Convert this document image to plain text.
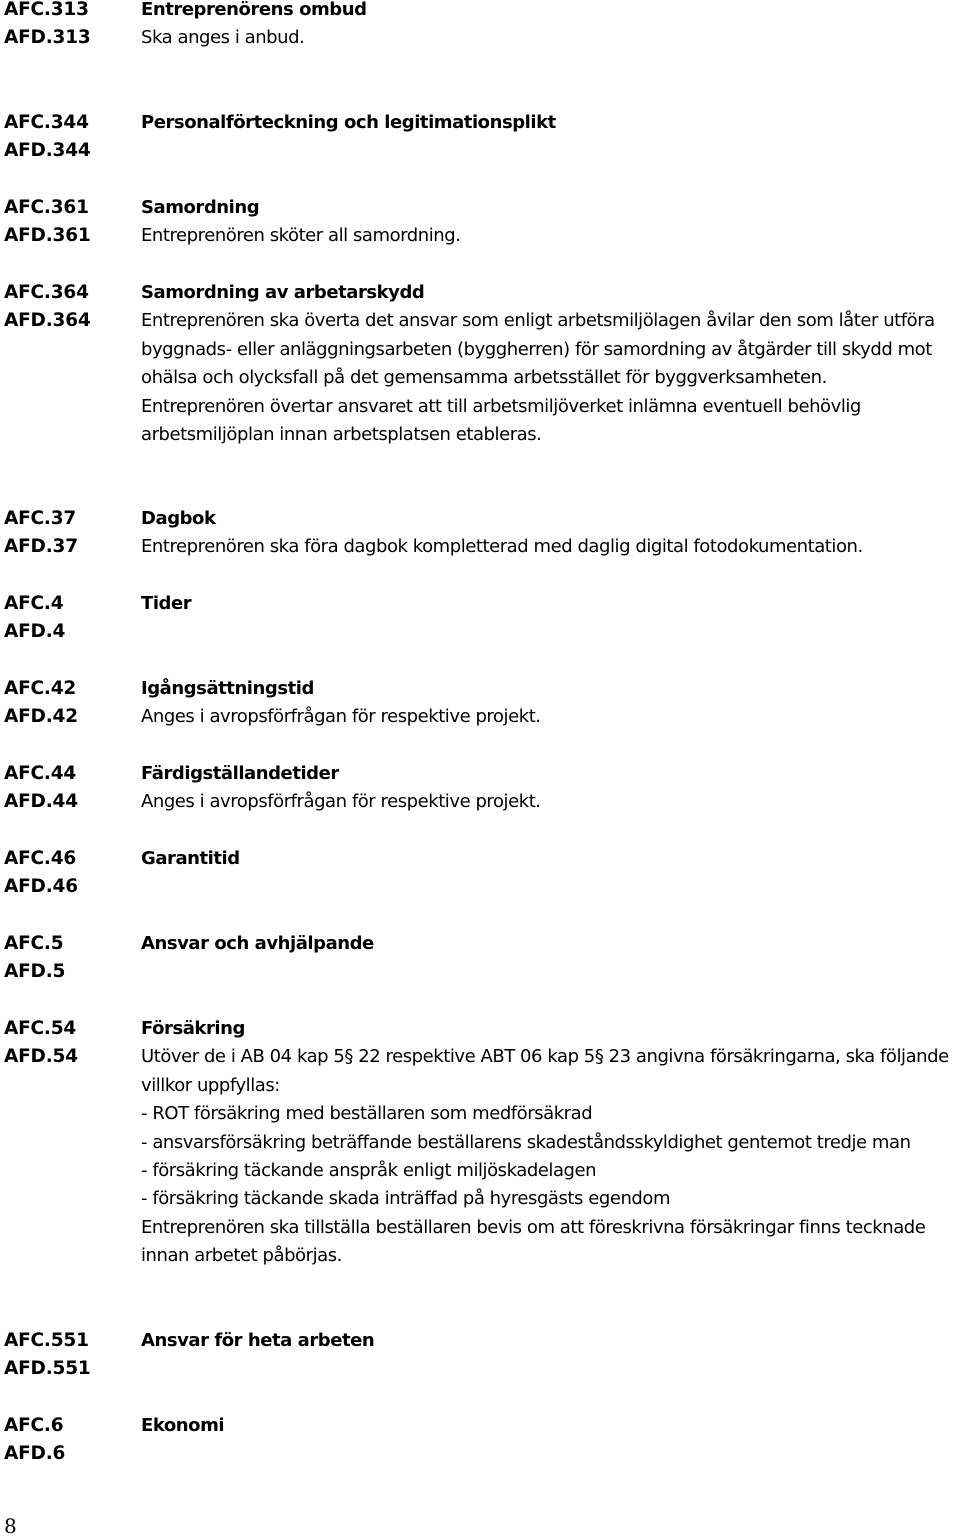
AFC.313
AFD.313
Entreprenörens ombud

Ska anges i anbud.

AFC.344
AFD.344
Personalförteckning och legitimationsplikt
AFC.361
AFD.361
Samordning

Entreprenören sköter all samordning.

AFC.364
AFD.364
Samordning av arbetarskydd

Entreprenören ska överta det ansvar som enligt arbetsmiljölagen åvilar den som låter utföra byggnads- eller anläggningsarbeten (byggherren) för samordning av åtgärder till skydd mot ohälsa och olycksfall på det gemensamma arbetsstället för byggverksamheten.

Entreprenören övertar ansvaret att till arbetsmiljöverket inlämna eventuell behövlig arbetsmiljöplan innan arbetsplatsen etableras.

AFC.37
AFD.37
Dagbok

Entreprenören ska föra dagbok kompletterad med daglig digital fotodokumentation.

AFC.4
AFD.4
Tider
AFC.42
AFD.42
Igångsättningstid

Anges i avropsförfrågan för respektive projekt.

AFC.44
AFD.44
Färdigställandetider

Anges i avropsförfrågan för respektive projekt.

AFC.46
AFD.46
Garantitid
AFC.5
AFD.5
Ansvar och avhjälpande
AFC.54
AFD.54
Försäkring

Utöver de i AB 04 kap 5§ 22 respektive ABT 06 kap 5§ 23 angivna försäkringarna, ska följande villkor uppfyllas:

- ROT försäkring med beställaren som medförsäkrad

- ansvarsförsäkring beträffande beställarens skadeståndsskyldighet gentemot tredje man

- försäkring täckande anspråk enligt miljöskadelagen

- försäkring täckande skada inträffad på hyresgästs egendom

Entreprenören ska tillställa beställaren bevis om att föreskrivna försäkringar finns tecknade innan arbetet påbörjas.

AFC.551
AFD.551
Ansvar för heta arbeten
AFC.6
AFD.6
Ekonomi
8
